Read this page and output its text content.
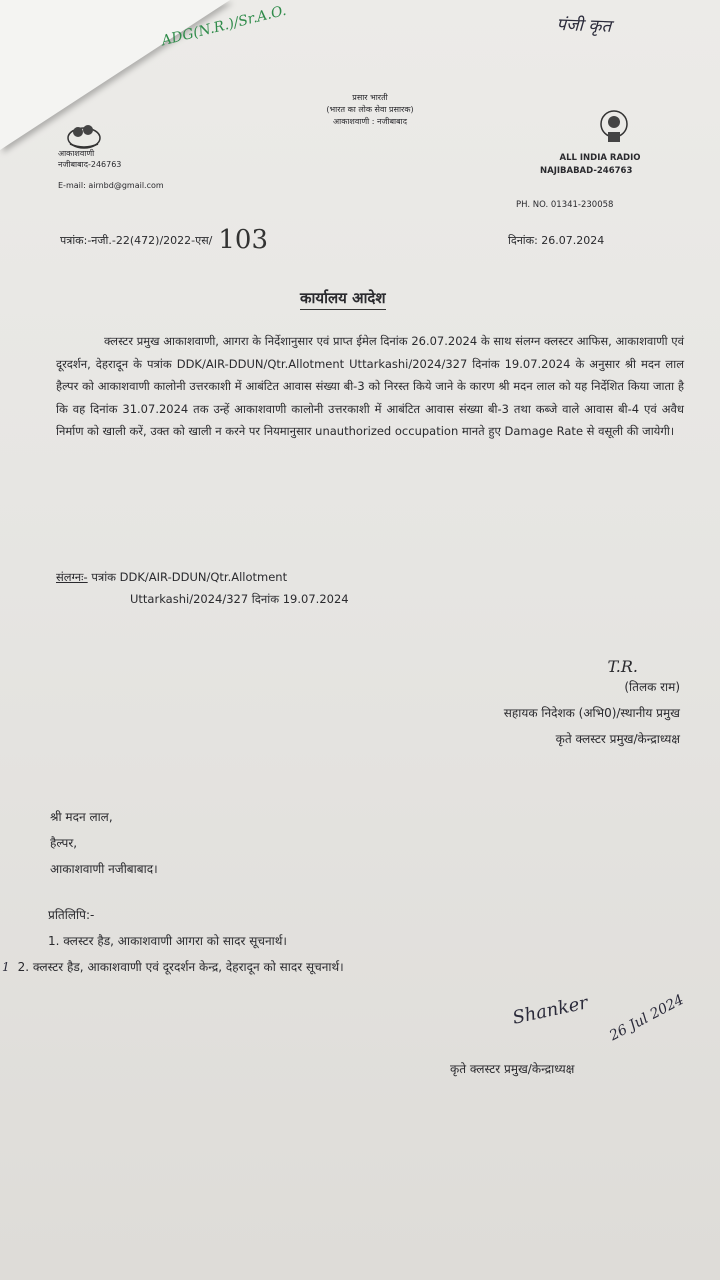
ADG(N.R.)/Sr.A.O.	पंजी कृत
आकाशवाणी
नजीबाबाद-246763
E-mail: airnbd@gmail.com
प्रसार भारती
(भारत का लोक सेवा प्रसारक)
आकाशवाणी : नजीबाबाद
ALL INDIA RADIO
NAJIBABAD-246763
PH. NO. 01341-230058
पत्रांक:-नजी.-22(472)/2022-एस/ 103	दिनांक: 26.07.2024
कार्यालय आदेश
क्लस्टर प्रमुख आकाशवाणी, आगरा के निर्देशानुसार एवं प्राप्त ईमेल दिनांक 26.07.2024 के साथ संलग्न क्लस्टर आफिस, आकाशवाणी एवं दूरदर्शन, देहरादून के पत्रांक DDK/AIR-DDUN/Qtr.Allotment Uttarkashi/2024/327 दिनांक 19.07.2024 के अनुसार श्री मदन लाल हैल्पर को आकाशवाणी कालोनी उत्तरकाशी में आबंटित आवास संख्या बी-3 को निरस्त किये जाने के कारण श्री मदन लाल को यह निर्देशित किया जाता है कि वह दिनांक 31.07.2024 तक उन्हें आकाशवाणी कालोनी उत्तरकाशी में आबंटित आवास संख्या बी-3 तथा कब्जे वाले आवास बी-4 एवं अवैध निर्माण को खाली करें, उक्त को खाली न करने पर नियमानुसार unauthorized occupation मानते हुए Damage Rate से वसूली की जायेगी।
संलग्नः- पत्रांक DDK/AIR-DDUN/Qtr.Allotment
Uttarkashi/2024/327 दिनांक 19.07.2024
T.R.
(तिलक राम)
सहायक निदेशक (अभि0)/स्थानीय प्रमुख
कृते क्लस्टर प्रमुख/केन्द्राध्यक्ष
श्री मदन लाल,
हैल्पर,
आकाशवाणी नजीबाबाद।
प्रतिलिपि:-
1. क्लस्टर हैड, आकाशवाणी आगरा को सादर सूचनार्थ।
1 2. क्लस्टर हैड, आकाशवाणी एवं दूरदर्शन केन्द्र, देहरादून को सादर सूचनार्थ।
Shanker 26 Jul 2024
कृते क्लस्टर प्रमुख/केन्द्राध्यक्ष
